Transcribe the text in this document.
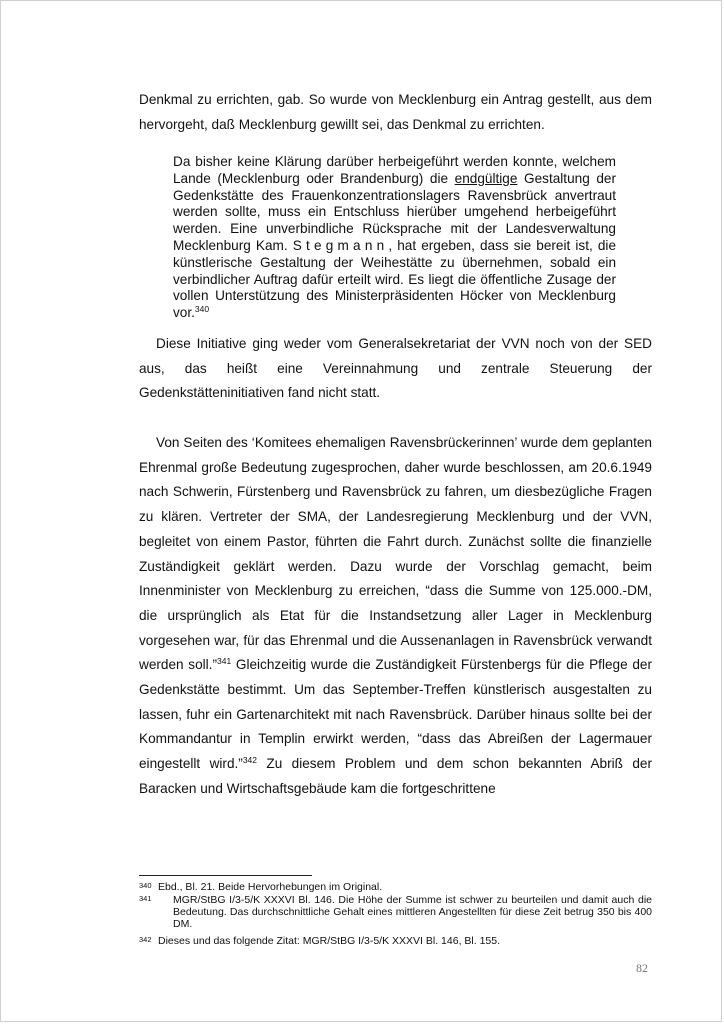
Denkmal zu errichten, gab. So wurde von Mecklenburg ein Antrag gestellt, aus dem hervorgeht, daß Mecklenburg gewillt sei, das Denkmal zu errichten.

Da bisher keine Klärung darüber herbeigeführt werden konnte, welchem Lande (Mecklenburg oder Brandenburg) die endgültige Gestaltung der Gedenkstätte des Frauenkonzentrationslagers Ravensbrück anvertraut werden sollte, muss ein Entschluss hierüber umgehend herbeigeführt werden. Eine unverbindliche Rücksprache mit der Landesverwaltung Mecklenburg Kam. Stegmann, hat ergeben, dass sie bereit ist, die künstlerische Gestaltung der Weihestätte zu übernehmen, sobald ein verbindlicher Auftrag dafür erteilt wird. Es liegt die öffentliche Zusage der vollen Unterstützung des Ministerpräsidenten Höcker von Mecklenburg vor.$^{340}$

Diese Initiative ging weder vom Generalsekretariat der VVN noch von der SED aus, das heißt eine Vereinnahmung und zentrale Steuerung der Gedenkstätteninitiativen fand nicht statt.

Von Seiten des ‘Komitees ehemaligen Ravensbrückerinnen’ wurde dem geplanten Ehrenmal große Bedeutung zugesprochen, daher wurde beschlossen, am 20.6.1949 nach Schwerin, Fürstenberg und Ravensbrück zu fahren, um diesbezügliche Fragen zu klären. Vertreter der SMA, der Landesregierung Mecklenburg und der VVN, begleitet von einem Pastor, führten die Fahrt durch. Zunächst sollte die finanzielle Zuständigkeit geklärt werden. Dazu wurde der Vorschlag gemacht, beim Innenminister von Mecklenburg zu erreichen, “dass die Summe von 125.000.-DM, die ursprünglich als Etat für die Instandsetzung aller Lager in Mecklenburg vorgesehen war, für das Ehrenmal und die Aussenanlagen in Ravensbrück verwandt werden soll.”$^{341}$ Gleichzeitig wurde die Zuständigkeit Fürstenbergs für die Pflege der Gedenkstätte bestimmt. Um das September-Treffen künstlerisch ausgestalten zu lassen, fuhr ein Gartenarchitekt mit nach Ravensbrück. Darüber hinaus sollte bei der Kommandantur in Templin erwirkt werden, “dass das Abreißen der Lagermauer eingestellt wird.”$^{342}$ Zu diesem Problem und dem schon bekannten Abriß der Baracken und Wirtschaftsgebäude kam die fortgeschrittene

340 Ebd., Bl. 21. Beide Hervorhebungen im Original.
341 MGR/StBG I/3-5/K XXXVI Bl. 146. Die Höhe der Summe ist schwer zu beurteilen und damit auch die Bedeutung. Das durchschnittliche Gehalt eines mittleren Angestellten für diese Zeit betrug 350 bis 400 DM.
342 Dieses und das folgende Zitat: MGR/StBG I/3-5/K XXXVI Bl. 146, Bl. 155.
82
